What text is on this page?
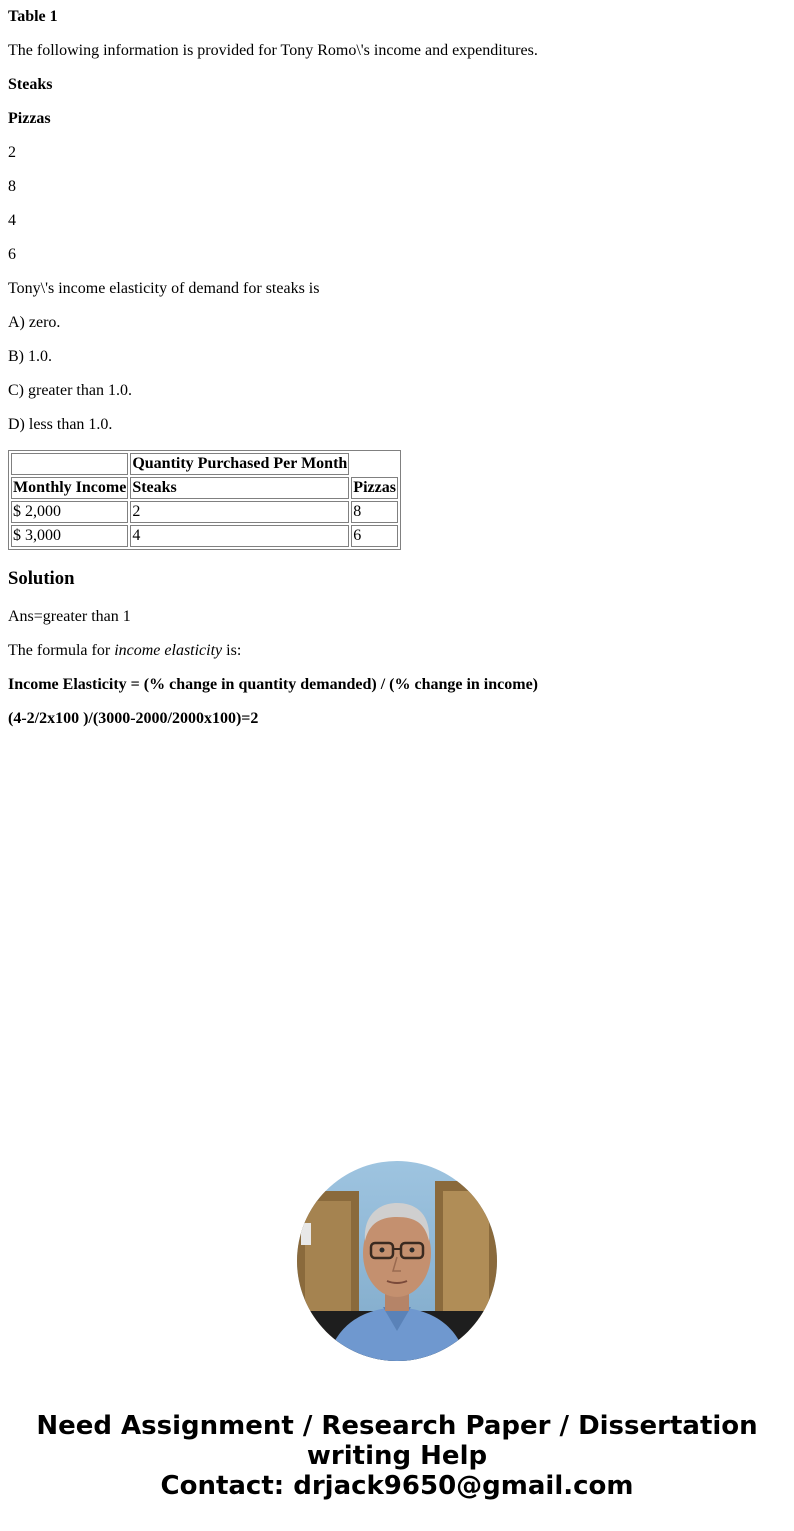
Table 1

The following information is provided for Tony Romo\'s income and expenditures.

Steaks

Pizzas

2

8

4

6

Tony\'s income elasticity of demand for steaks is

A) zero.

B) 1.0.

C) greater than 1.0.

D) less than 1.0.

	Quantity Purchased Per Month	
Monthly Income	Steaks	Pizzas
$ 2,000	2	8
$ 3,000	4	6
Solution

Ans=greater than 1

The formula for income elasticity is:

Income Elasticity = (% change in quantity demanded) / (% change in income)

(4-2/2x100 )/(3000-2000/2000x100)=2

Need Assignment / Research Paper / Dissertation
writing Help
Contact: drjack9650@gmail.com
